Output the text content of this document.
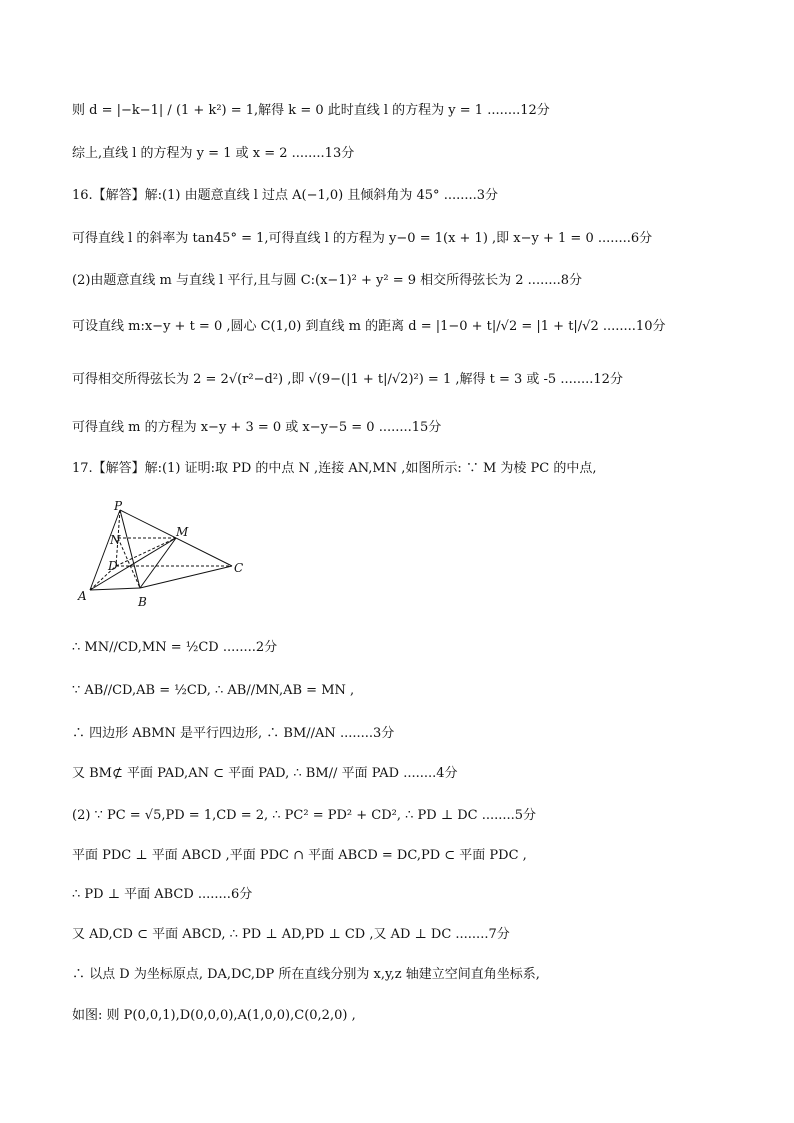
则 d = |−k−1| / (1 + k²) = 1,解得 k = 0 此时直线 l 的方程为 y = 1 ........12分
综上,直线 l 的方程为 y = 1 或 x = 2 ........13分
16.【解答】解:(1) 由题意直线 l 过点 A(−1,0) 且倾斜角为 45° ........3分
可得直线 l 的斜率为 tan45° = 1,可得直线 l 的方程为 y−0 = 1(x + 1) ,即 x−y + 1 = 0 ........6分
(2)由题意直线 m 与直线 l 平行,且与圆 C:(x−1)² + y² = 9 相交所得弦长为 2 ........8分
可设直线 m:x−y + t = 0 ,圆心 C(1,0) 到直线 m 的距离 d = |1−0 + t|/√2 = |1 + t|/√2 ........10分
可得相交所得弦长为 2 = 2√(r²−d²) ,即 √(9−(|1 + t|/√2)²) = 1 ,解得 t = 3 或 -5 ........12分
可得直线 m 的方程为 x−y + 3 = 0 或 x−y−5 = 0 ........15分
17.【解答】解:(1) 证明:取 PD 的中点 N ,连接 AN,MN ,如图所示: ∵ M 为棱 PC 的中点,
P
M
N
D	C
A	B
∴ MN//CD,MN = ½CD ........2分
∵ AB//CD,AB = ½CD, ∴ AB//MN,AB = MN ,
∴ 四边形 ABMN 是平行四边形, ∴ BM//AN ........3分
又 BM⊄ 平面 PAD,AN ⊂ 平面 PAD, ∴ BM// 平面 PAD ........4分
(2) ∵ PC = √5,PD = 1,CD = 2, ∴ PC² = PD² + CD², ∴ PD ⊥ DC ........5分
平面 PDC ⊥ 平面 ABCD ,平面 PDC ∩ 平面 ABCD = DC,PD ⊂ 平面 PDC ,
∴ PD ⊥ 平面 ABCD ........6分
又 AD,CD ⊂ 平面 ABCD, ∴ PD ⊥ AD,PD ⊥ CD ,又 AD ⊥ DC ........7分
∴ 以点 D 为坐标原点, DA,DC,DP 所在直线分别为 x,y,z 轴建立空间直角坐标系,
如图: 则 P(0,0,1),D(0,0,0),A(1,0,0),C(0,2,0) ,
